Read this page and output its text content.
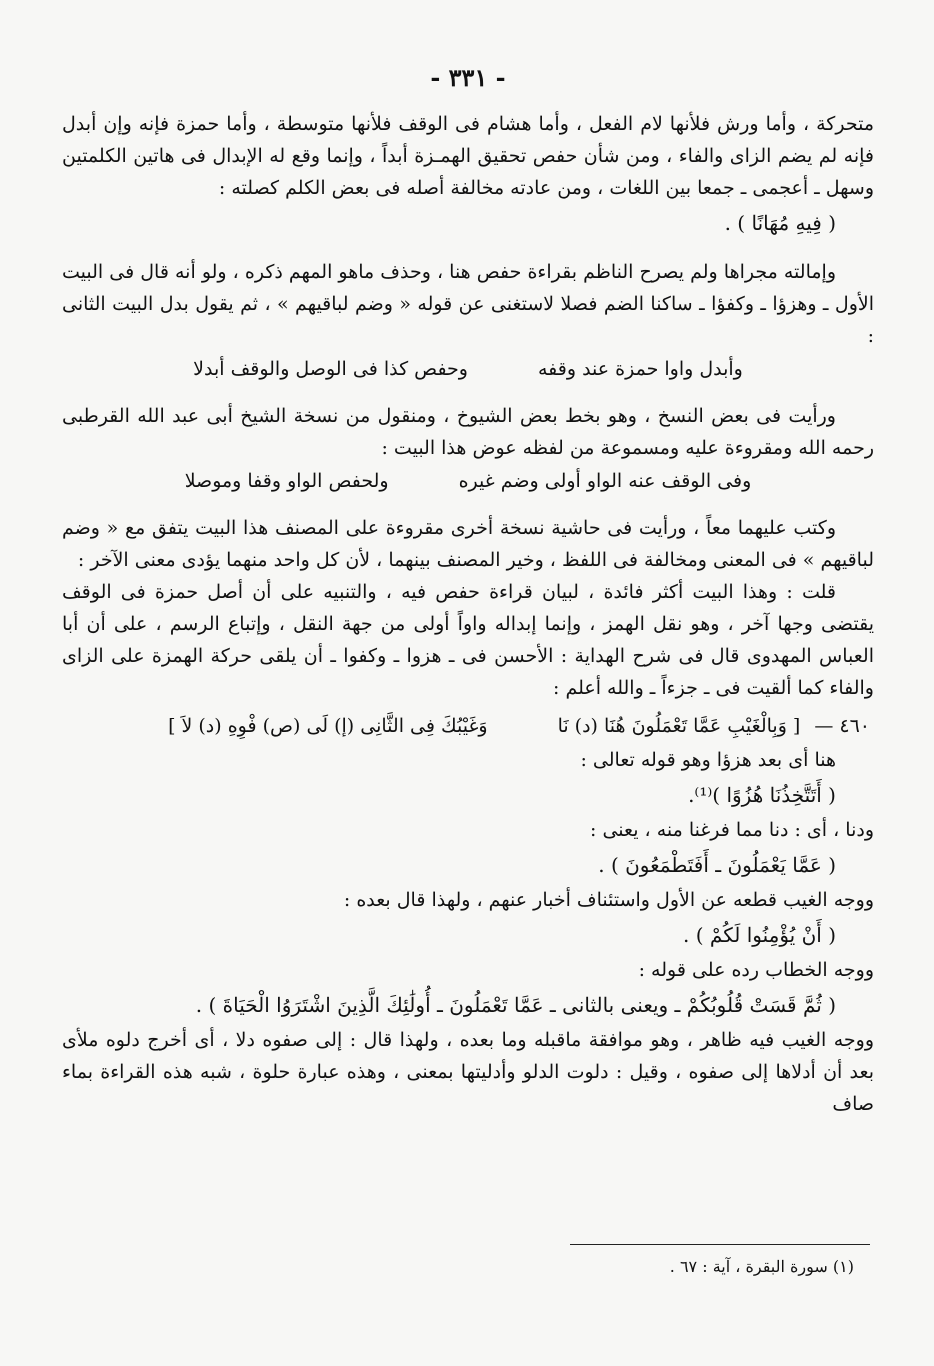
- ٣٣١ -

متحركة ، وأما ورش فلأنها لام الفعل ، وأما هشام فى الوقف فلأنها متوسطة ، وأما حمزة فإنه وإن أبدل فإنه لم يضم الزاى والفاء ، ومن شأن حفص تحقيق الهمـزة أبداً ، وإنما وقع له الإبدال فى هاتين الكلمتين وسهل ـ أعجمى ـ جمعا بين اللغات ، ومن عادته مخالفة أصله فى بعض الكلم كصلته :

( فِيهِ مُهَانًا ) .

وإمالته مجراها ولم يصرح الناظم بقراءة حفص هنا ، وحذف ماهو المهم ذكره ، ولو أنه قال فى البيت الأول ـ وهزؤا ـ وكفؤا ـ ساكنا الضم فصلا لاستغنى عن قوله « وضم لباقيهم » ، ثم يقول بدل البيت الثانى :

وأبدل واوا حمزة عند وقفه
وحفص كذا فى الوصل والوقف أبدلا

ورأيت فى بعض النسخ ، وهو بخط بعض الشيوخ ، ومنقول من نسخة الشيخ أبى عبد الله القرطبى رحمه الله ومقروءة عليه ومسموعة من لفظه عوض هذا البيت :

وفى الوقف عنه الواو أولى وضم غيره
ولحفص الواو وقفا وموصلا

وكتب عليهما معاً ، ورأيت فى حاشية نسخة أخرى مقروءة على المصنف هذا البيت يتفق مع « وضم لباقيهم » فى المعنى ومخالفة فى اللفظ ، وخير المصنف بينهما ، لأن كل واحد منهما يؤدى معنى الآخر :

قلت : وهذا البيت أكثر فائدة ، لبيان قراءة حفص فيه ، والتنبيه على أن أصل حمزة فى الوقف يقتضى وجها آخر ، وهو نقل الهمز ، وإنما إبداله واواً أولى من جهة النقل ، وإتباع الرسم ، على أن أبا العباس المهدوى قال فى شرح الهداية : الأحسن فى ـ هزوا ـ وكفوا ـ أن يلقى حركة الهمزة على الزاى والفاء كما ألقيت فى ـ جزءاً ـ والله أعلم :

٤٦٠ —
[ وَبِالْغَيْبِ عَمَّا تَعْمَلُونَ هُنَا (د) نَا
وَغَيْبُكَ فِى الثَّانِى (إ) لَى (ص) فْوِهِ (د) لاَ ]

هنا أى بعد هزؤا وهو قوله تعالى :

( أَتَتَّخِذُنَا هُزُوًا )⁽¹⁾.

ودنا ، أى : دنا مما فرغنا منه ، يعنى :

( عَمَّا يَعْمَلُونَ ـ أَفَتَطْمَعُونَ ) .

ووجه الغيب قطعه عن الأول واستئناف أخبار عنهم ، ولهذا قال بعده :

( أَنْ يُؤْمِنُوا لَكُمْ ) .

ووجه الخطاب رده على قوله :

( ثُمَّ قَسَتْ قُلُوبُكُمْ ـ ويعنى بالثانى ـ عَمَّا تَعْمَلُونَ ـ أُولَٰئِكَ الَّذِينَ اشْتَرَوُا الْحَيَاةَ ) .

ووجه الغيب فيه ظاهر ، وهو موافقة ماقبله وما بعده ، ولهذا قال : إلى صفوه دلا ، أى أخرج دلوه ملأى بعد أن أدلاها إلى صفوه ، وقيل : دلوت الدلو وأدليتها بمعنى ، وهذه عبارة حلوة ، شبه هذه القراءة بماء صاف

(١) سورة البقرة ، آية : ٦٧ .
